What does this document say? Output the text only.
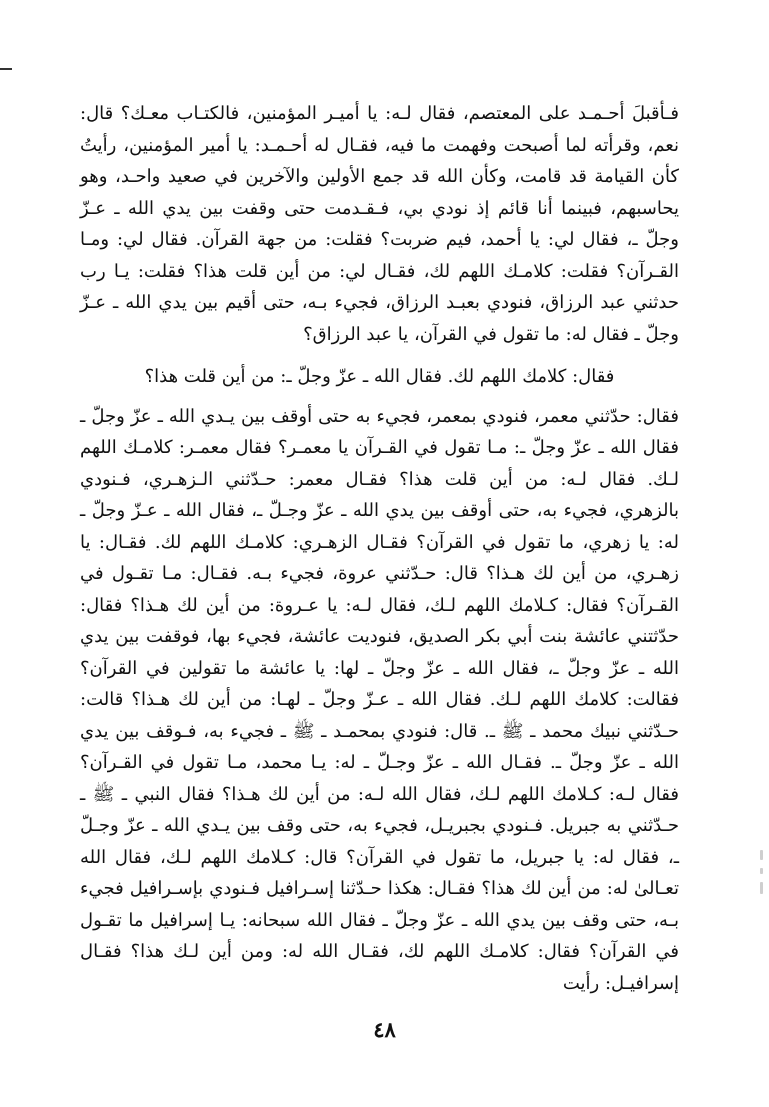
فـأقبلَ أحـمـد على المعتصم، فقال لـه: يا أميـر المؤمنين، فالكتـاب معـك؟ قال: نعم، وقرأته لما أصبحت وفهمت ما فيه، فقـال له أحـمـد: يا أمير المؤمنين، رأيتُ كأن القيامة قد قامت، وكأن الله قد جمع الأولين والآخرين في صعيد واحـد، وهو يحاسبهم، فبينما أنا قائم إذ نودي بي، فـقـدمت حتى وقفت بين يدي الله ـ عـزّ وجلّ ـ، فقال لي: يا أحمد، فيم ضربت؟ فقلت: من جهة القرآن. فقال لي: ومـا القـرآن؟ فقلت: كلامـك اللهم لك، فقـال لي: من أين قلت هذا؟ فقلت: يـا رب حدثني عبد الرزاق، فنودي بعبـد الرزاق، فجيء بـه، حتى أقيم بين يدي الله ـ عـزّ وجلّ ـ فقال له: ما تقول في القرآن، يا عبد الرزاق؟

فقال: كلامك اللهم لك. فقال الله ـ عزّ وجلّ ـ: من أين قلت هذا؟

فقال: حدّثني معمر، فنودي بمعمر، فجيء به حتى أوقف بين يـدي الله ـ عزّ وجلّ ـ فقال الله ـ عزّ وجلّ ـ: مـا تقول في القـرآن يا معمـر؟ فقال معمـر: كلامـك اللهم لـك. فقال لـه: من أين قلت هذا؟ فقـال معمر: حـدّثني الـزهـري، فـنودي بالزهري، فجيء به، حتى أوقف بين يدي الله ـ عزّ وجـلّ ـ، فقال الله ـ عـزّ وجلّ ـ له: يا زهري، ما تقول في القرآن؟ فقـال الزهـري: كلامـك اللهم لك. فقـال: يا زهـري، من أين لك هـذا؟ قال: حـدّثني عروة، فجيء بـه. فقـال: مـا تقـول في القـرآن؟ فقال: كـلامك اللهم لـك، فقال لـه: يا عـروة: من أين لك هـذا؟ فقال: حدّثتني عائشة بنت أبي بكر الصديق، فنوديت عائشة، فجيء بها، فوقفت بين يدي الله ـ عزّ وجلّ ـ، فقال الله ـ عزّ وجلّ ـ لها: يا عائشة ما تقولين في القرآن؟ فقالت: كلامك اللهم لـك. فقال الله ـ عـزّ وجلّ ـ لهـا: من أين لك هـذا؟ قالت: حـدّثني نبيك محمد ـ ﷺ ـ. قال: فنودي بمحمـد ـ ﷺ ـ فجيء به، فـوقف بين يدي الله ـ عزّ وجلّ ـ. فقـال الله ـ عزّ وجـلّ ـ له: يـا محمد، مـا تقول في القـرآن؟ فقال لـه: كـلامك اللهم لـك، فقال الله لـه: من أين لك هـذا؟ فقال النبي ـ ﷺ ـ حـدّثني به جبريل. فـنودي بجبريـل، فجيء به، حتى وقف بين يـدي الله ـ عزّ وجـلّ ـ، فقال له: يا جبريل، ما تقول في القرآن؟ قال: كـلامك اللهم لـك، فقال الله تعـالىٰ له: من أين لك هذا؟ فقـال: هكذا حـدّثنا إسـرافيل فـنودي بإسـرافيل فجيء بـه، حتى وقف بين يدي الله ـ عزّ وجلّ ـ فقال الله سبحانه: يـا إسرافيل ما تقـول في القرآن؟ فقال: كلامـك اللهم لك، فقـال الله له: ومن أين لـك هذا؟ فقـال إسرافيـل: رأيت

٤٨
